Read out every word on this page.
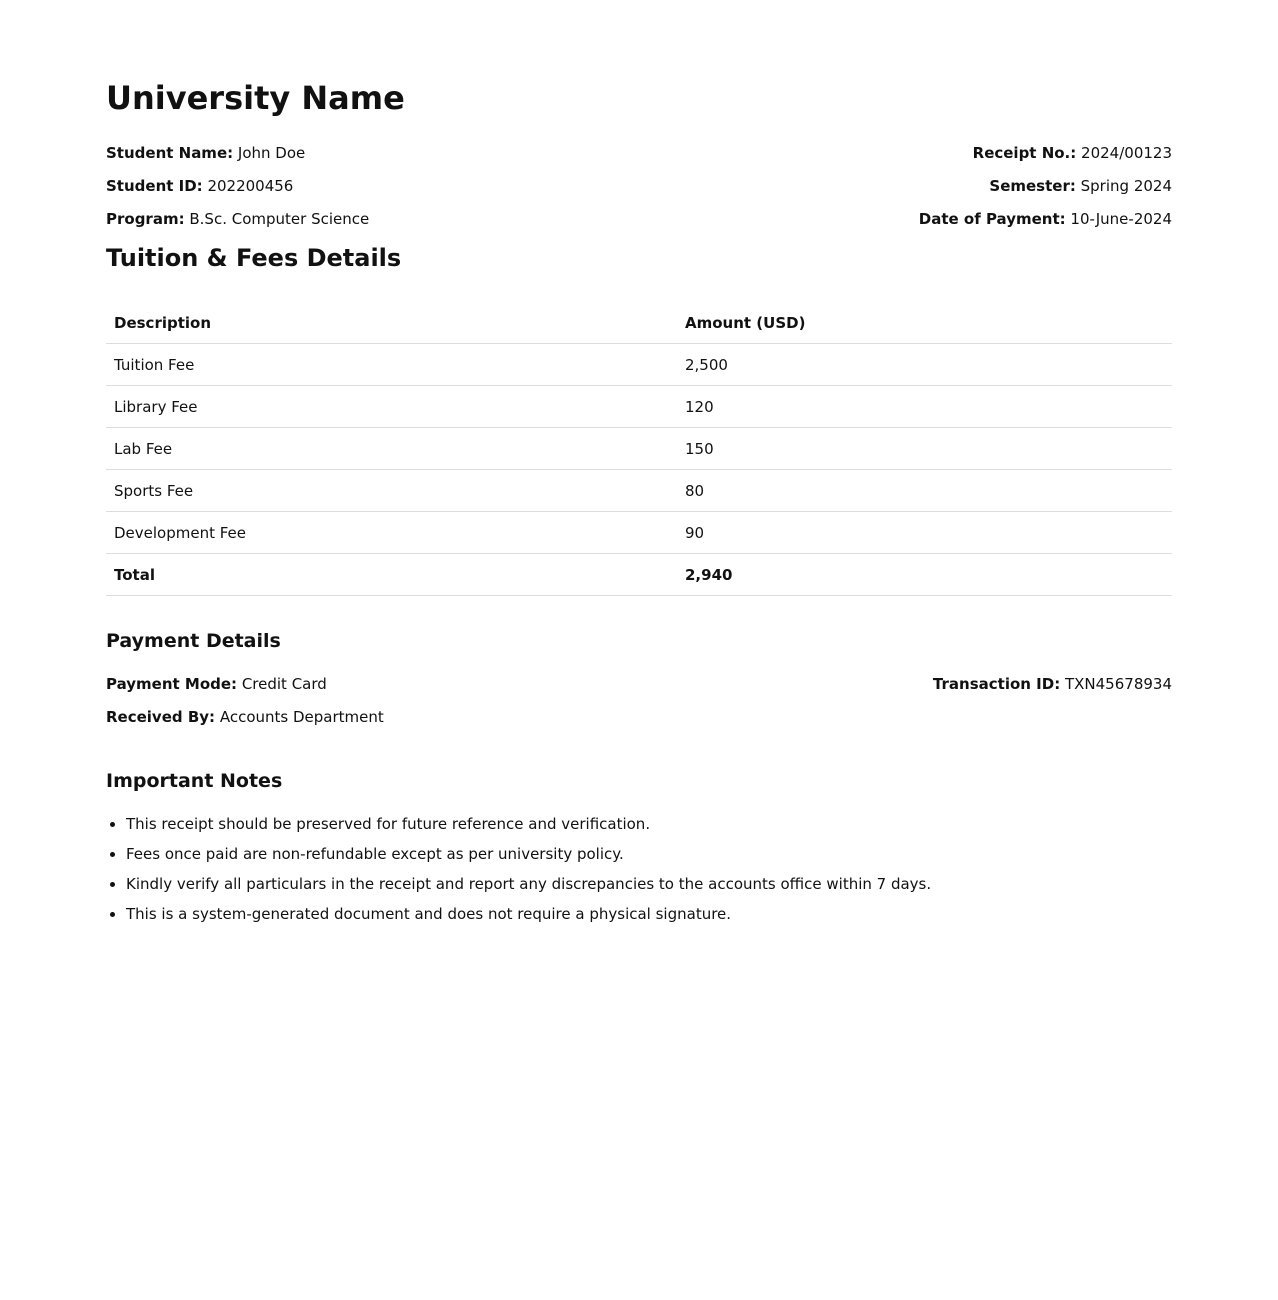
University Name
Student Name: John Doe
Student ID: 202200456
Program: B.Sc. Computer Science
Receipt No.: 2024/00123
Semester: Spring 2024
Date of Payment: 10-June-2024
Tuition & Fees Details
Description	Amount (USD)
Tuition Fee	2,500
Library Fee	120
Lab Fee	150
Sports Fee	80
Development Fee	90
Total	2,940
Payment Details
Payment Mode: Credit Card
Received By: Accounts Department
Transaction ID: TXN45678934
Important Notes
• This receipt should be preserved for future reference and verification.
• Fees once paid are non-refundable except as per university policy.
• Kindly verify all particulars in the receipt and report any discrepancies to the accounts office within 7 days.
• This is a system-generated document and does not require a physical signature.
